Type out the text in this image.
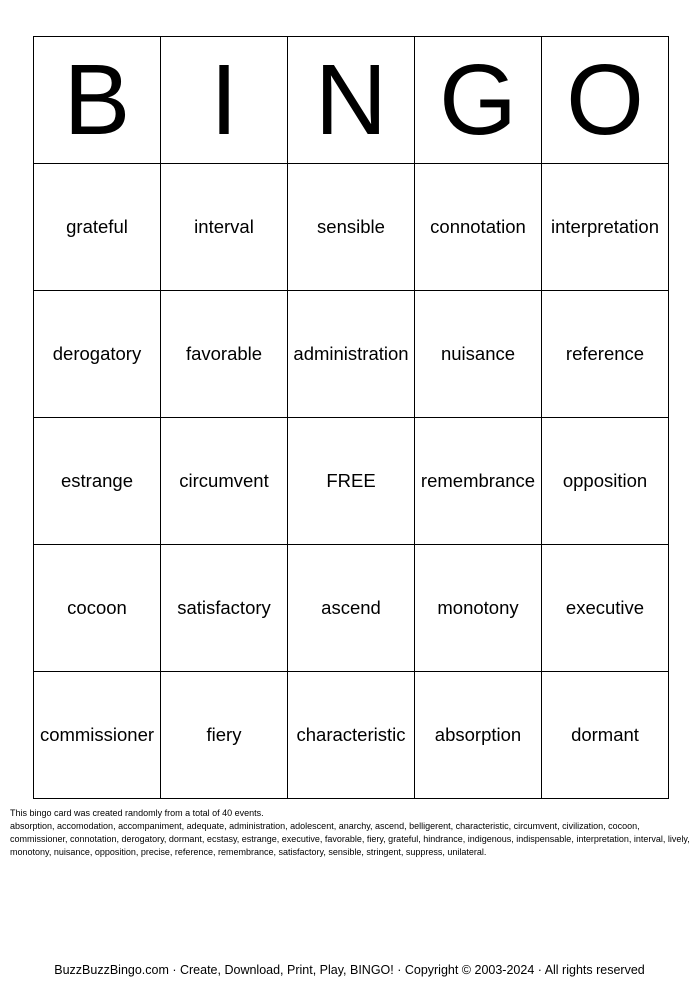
B	I	N	G	O
grateful	interval	sensible	connotation	interpretation
derogatory	favorable	administration	nuisance	reference
estrange	circumvent	FREE	remembrance	opposition
cocoon	satisfactory	ascend	monotony	executive
commissioner	fiery	characteristic	absorption	dormant

This bingo card was created randomly from a total of 40 events.

absorption, accomodation, accompaniment, adequate, administration, adolescent, anarchy, ascend, belligerent, characteristic, circumvent, civilization, cocoon, commissioner, connotation, derogatory, dormant, ecstasy, estrange, executive, favorable, fiery, grateful, hindrance, indigenous, indispensable, interpretation, interval, lively, monotony, nuisance, opposition, precise, reference, remembrance, satisfactory, sensible, stringent, suppress, unilateral.

BuzzBuzzBingo.com · Create, Download, Print, Play, BINGO! · Copyright © 2003-2024 · All rights reserved
